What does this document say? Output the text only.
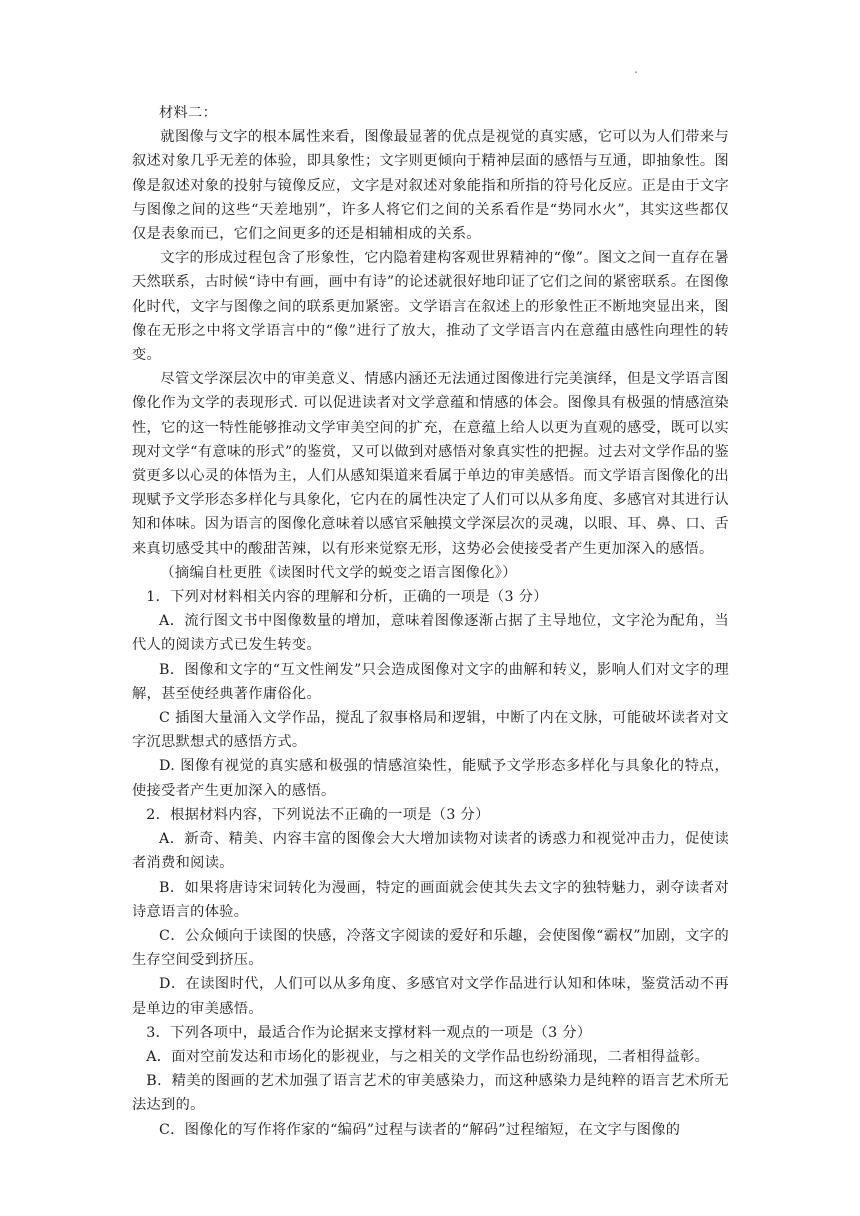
.

材料二：

就图像与文字的根本属性来看，图像最显著的优点是视觉的真实感，它可以为人们带来与叙述对象几乎无差的体验，即具象性；文字则更倾向于精神层面的感悟与互通，即抽象性。图像是叙述对象的投射与镜像反应，文字是对叙述对象能指和所指的符号化反应。正是由于文字与图像之间的这些“天差地别”，许多人将它们之间的关系看作是“势同水火”，其实这些都仅仅是表象而已，它们之间更多的还是相辅相成的关系。

文字的形成过程包含了形象性，它内隐着建构客观世界精神的“像”。图文之间一直存在暑天然联系，古时候“诗中有画，画中有诗”的论述就很好地印证了它们之间的紧密联系。在图像化时代，文字与图像之间的联系更加紧密。文学语言在叙述上的形象性正不断地突显出来，图像在无形之中将文学语言中的“像”进行了放大，推动了文学语言内在意蕴由感性向理性的转变。

尽管文学深层次中的审美意义、情感内涵还无法通过图像进行完美演绎，但是文学语言图像化作为文学的表现形式. 可以促进读者对文学意蕴和情感的体会。图像具有极强的情感渲染性，它的这一特性能够推动文学审美空间的扩充，在意蕴上给人以更为直观的感受，既可以实现对文学“有意味的形式”的鉴赏，又可以做到对感悟对象真实性的把握。过去对文学作品的鉴赏更多以心灵的体悟为主，人们从感知渠道来看属于单边的审美感悟。而文学语言图像化的出现赋予文学形态多样化与具象化，它内在的属性决定了人们可以从多角度、多感官对其进行认知和体味。因为语言的图像化意味着以感官采触摸文学深层次的灵魂，以眼、耳、鼻、口、舌来真切感受其中的酸甜苦辣，以有形来觉察无形，这势必会使接受者产生更加深入的感悟。

（摘编自杜更胜《读图时代文学的蜕变之语言图像化》）

1．下列对材料相关内容的理解和分析，正确的一项是（3 分）

A．流行图文书中图像数量的增加，意味着图像逐渐占据了主导地位，文字沦为配角，当代人的阅读方式已发生转变。

B．图像和文字的“互文性阐发”只会造成图像对文字的曲解和转义，影响人们对文字的理解，甚至使经典著作庸俗化。

C 插图大量涌入文学作品，搅乱了叙事格局和逻辑，中断了内在文脉，可能破坏读者对文字沉思默想式的感悟方式。

D. 图像有视觉的真实感和极强的情感渲染性，能赋予文学形态多样化与具象化的特点，使接受者产生更加深入的感悟。

2．根据材料内容，下列说法不正确的一项是（3 分）

A．新奇、精美、内容丰富的图像会大大增加读物对读者的诱惑力和视觉冲击力，促使读者消费和阅读。

B．如果将唐诗宋词转化为漫画，特定的画面就会使其失去文字的独特魅力，剥夺读者对诗意语言的体验。

C．公众倾向于读图的快感，冷落文字阅读的爱好和乐趣，会使图像“霸权”加剧，文字的生存空间受到挤压。

D．在读图时代，人们可以从多角度、多感官对文学作品进行认知和体味，鉴赏活动不再是单边的审美感悟。

3．下列各项中，最适合作为论据来支撑材料一观点的一项是（3 分）

A．面对空前发达和市场化的影视业，与之相关的文学作品也纷纷涌现，二者相得益彰。

B．精美的图画的艺术加强了语言艺术的审美感染力，而这种感染力是纯粹的语言艺术所无法达到的。

C．图像化的写作将作家的“编码”过程与读者的“解码”过程缩短，在文字与图像的
